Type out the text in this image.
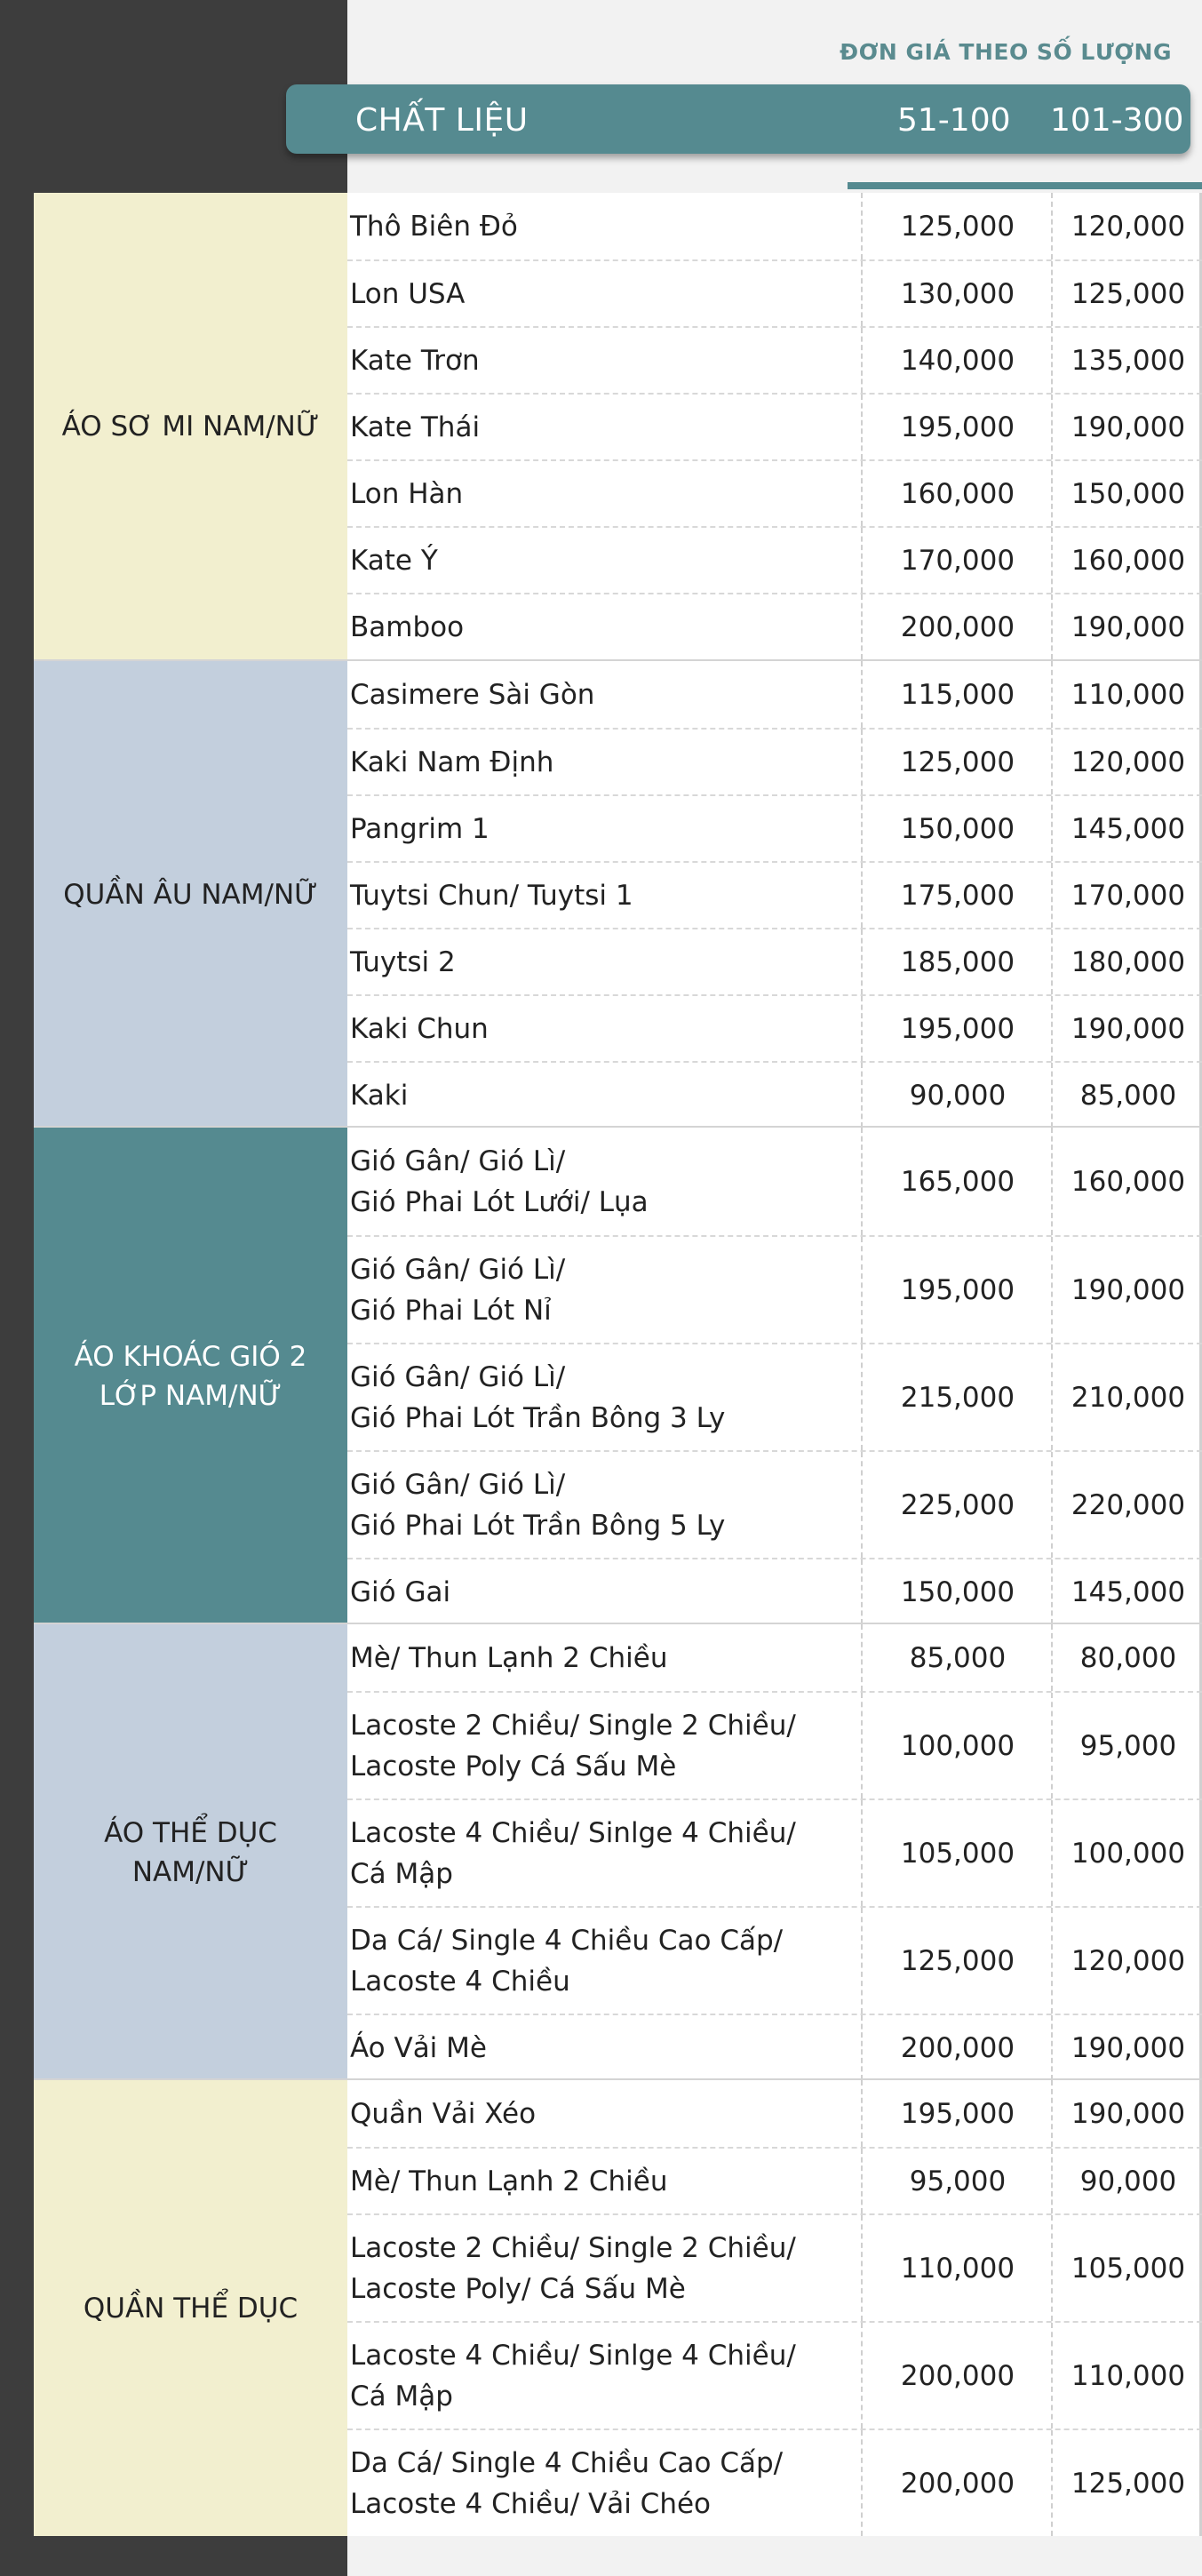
ĐƠN GIÁ THEO SỐ LƯỢNG
CHẤT LIỆU	51-100 101-300
ÁO SƠ MI NAM/NỮ
Thô Biên Đỏ	125,000	120,000
Lon USA	130,000	125,000
Kate Trơn	140,000	135,000
Kate Thái	195,000	190,000
Lon Hàn	160,000	150,000
Kate Ý	170,000	160,000
Bamboo	200,000	190,000
QUẦN ÂU NAM/NỮ
Casimere Sài Gòn	115,000	110,000
Kaki Nam Định	125,000	120,000
Pangrim 1	150,000	145,000
Tuytsi Chun/ Tuytsi 1	175,000	170,000
Tuytsi 2	185,000	180,000
Kaki Chun	195,000	190,000
Kaki	90,000	85,000
ÁO KHOÁC GIÓ 2 LỚP NAM/NỮ
Gió Gân/ Gió Lì/
Gió Phai Lót Lưới/ Lụa
165,000	160,000
Gió Gân/ Gió Lì/
Gió Phai Lót Nỉ
195,000	190,000
Gió Gân/ Gió Lì/
Gió Phai Lót Trần Bông 3 Ly
215,000	210,000
Gió Gân/ Gió Lì/
Gió Phai Lót Trần Bông 5 Ly
225,000	220,000
Gió Gai	150,000	145,000
ÁO THỂ DỤC NAM/NỮ
Mè/ Thun Lạnh 2 Chiều	85,000	80,000
Lacoste 2 Chiều/ Single 2 Chiều/
Lacoste Poly Cá Sấu Mè
100,000	95,000
Lacoste 4 Chiều/ Sinlge 4 Chiều/
Cá Mập
105,000	100,000
Da Cá/ Single 4 Chiều Cao Cấp/
Lacoste 4 Chiều
125,000	120,000
Áo Vải Mè	200,000	190,000
QUẦN THỂ DỤC
Quần Vải Xéo	195,000	190,000
Mè/ Thun Lạnh 2 Chiều	95,000	90,000
Lacoste 2 Chiều/ Single 2 Chiều/
Lacoste Poly/ Cá Sấu Mè
110,000	105,000
Lacoste 4 Chiều/ Sinlge 4 Chiều/
Cá Mập
200,000	110,000
Da Cá/ Single 4 Chiều Cao Cấp/
Lacoste 4 Chiều/ Vải Chéo
200,000	125,000
